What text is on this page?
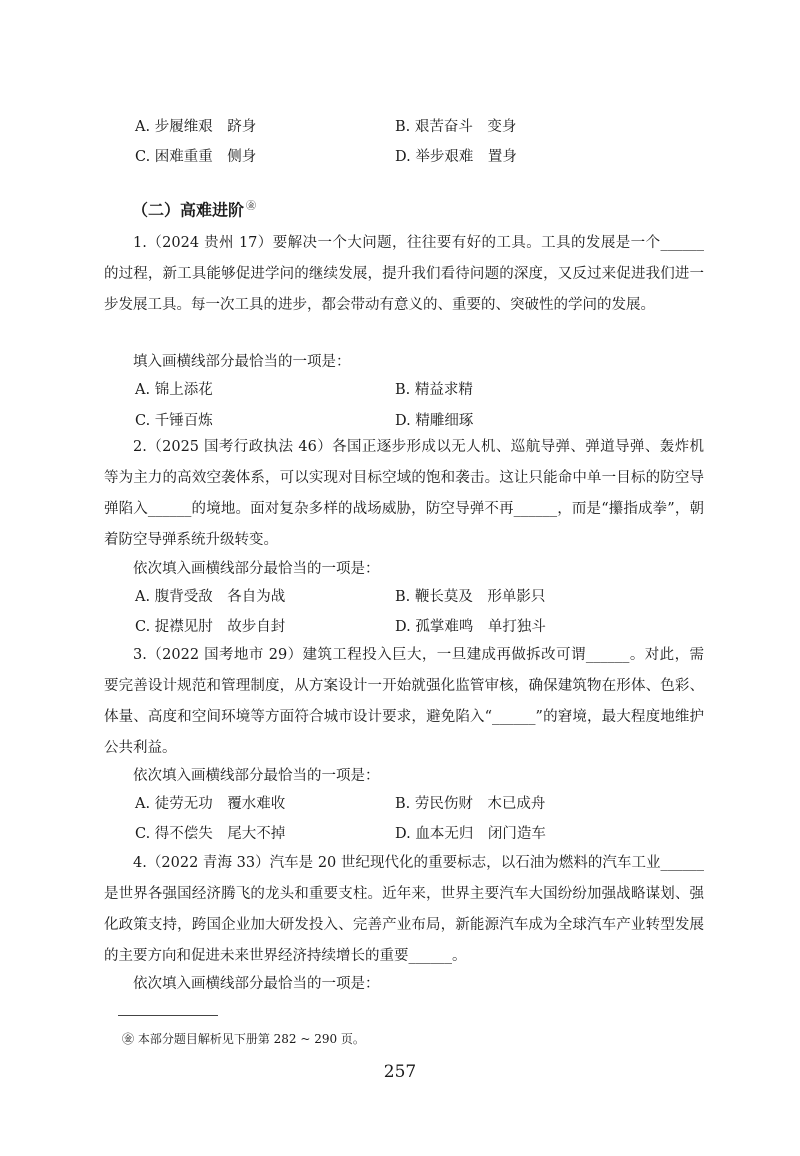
A. 步履维艰　跻身	B. 艰苦奋斗　变身
C. 困难重重　侧身	D. 举步艰难　置身
（二）高难进阶 ㊎
1.（2024 贵州 17）要解决一个大问题，往往要有好的工具。工具的发展是一个______的过程，新工具能够促进学问的继续发展，提升我们看待问题的深度，又反过来促进我们进一步发展工具。每一次工具的进步，都会带动有意义的、重要的、突破性的学问的发展。
填入画横线部分最恰当的一项是：
A. 锦上添花	B. 精益求精
C. 千锤百炼	D. 精雕细琢
2.（2025 国考行政执法 46）各国正逐步形成以无人机、巡航导弹、弹道导弹、轰炸机等为主力的高效空袭体系，可以实现对目标空域的饱和袭击。这让只能命中单一目标的防空导弹陷入______的境地。面对复杂多样的战场威胁，防空导弹不再______，而是“攥指成拳”，朝着防空导弹系统升级转变。
依次填入画横线部分最恰当的一项是：
A. 腹背受敌　各自为战	B. 鞭长莫及　形单影只
C. 捉襟见肘　故步自封	D. 孤掌难鸣　单打独斗
3.（2022 国考地市 29）建筑工程投入巨大，一旦建成再做拆改可谓______。对此，需要完善设计规范和管理制度，从方案设计一开始就强化监管审核，确保建筑物在形体、色彩、体量、高度和空间环境等方面符合城市设计要求，避免陷入“______”的窘境，最大程度地维护公共利益。
依次填入画横线部分最恰当的一项是：
A. 徒劳无功　覆水难收	B. 劳民伤财　木已成舟
C. 得不偿失　尾大不掉	D. 血本无归　闭门造车
4.（2022 青海 33）汽车是 20 世纪现代化的重要标志，以石油为燃料的汽车工业______是世界各强国经济腾飞的龙头和重要支柱。近年来，世界主要汽车大国纷纷加强战略谋划、强化政策支持，跨国企业加大研发投入、完善产业布局，新能源汽车成为全球汽车产业转型发展的主要方向和促进未来世界经济持续增长的重要______。
依次填入画横线部分最恰当的一项是：
㊎ 本部分题目解析见下册第 282 ~ 290 页。
257
